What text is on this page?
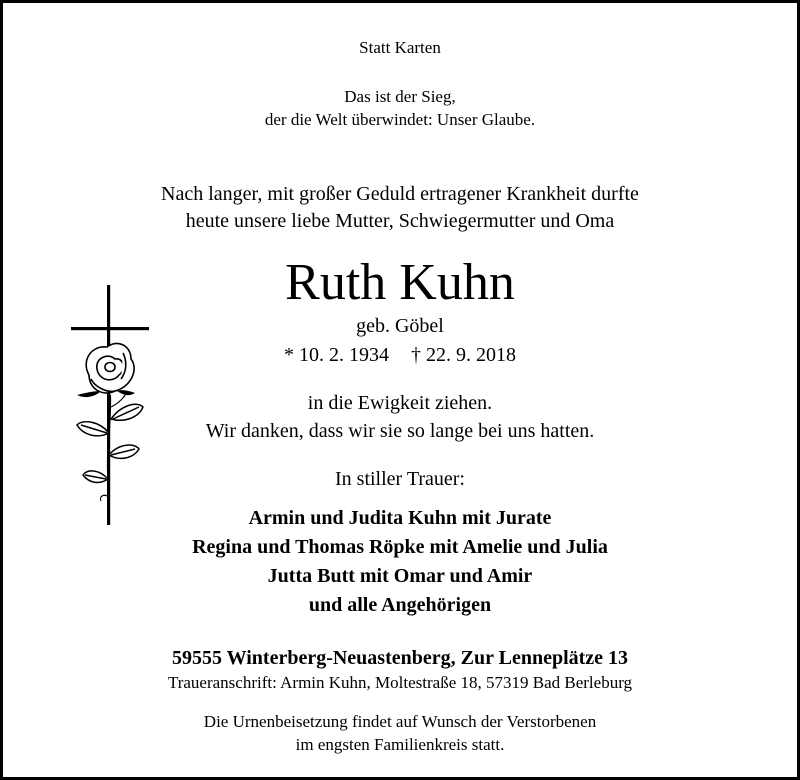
Statt Karten
Das ist der Sieg,
der die Welt überwindet: Unser Glaube.
Nach langer, mit großer Geduld ertragener Krankheit durfte
heute unsere liebe Mutter, Schwiegermutter und Oma
Ruth Kuhn
geb. Göbel
* 10. 2. 1934 † 22. 9. 2018
in die Ewigkeit ziehen.
Wir danken, dass wir sie so lange bei uns hatten.
In stiller Trauer:
Armin und Judita Kuhn mit Jurate
Regina und Thomas Röpke mit Amelie und Julia
Jutta Butt mit Omar und Amir
und alle Angehörigen
59555 Winterberg-Neuastenberg, Zur Lenneplätze 13
Traueranschrift: Armin Kuhn, Moltestraße 18, 57319 Bad Berleburg
Die Urnenbeisetzung findet auf Wunsch der Verstorbenen
im engsten Familienkreis statt.
